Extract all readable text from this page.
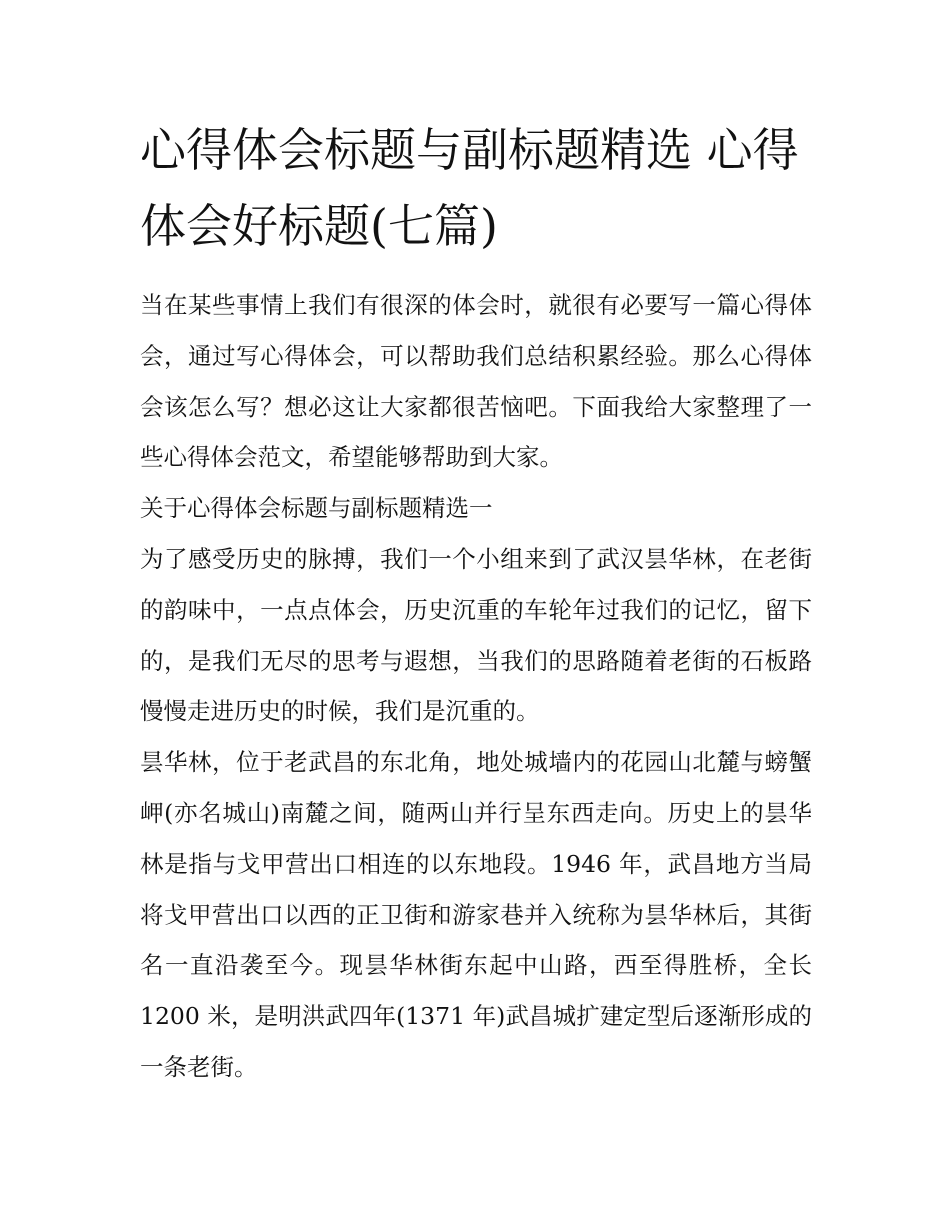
心得体会标题与副标题精选 心得体会好标题(七篇)

当在某些事情上我们有很深的体会时，就很有必要写一篇心得体会，通过写心得体会，可以帮助我们总结积累经验。那么心得体会该怎么写？想必这让大家都很苦恼吧。下面我给大家整理了一些心得体会范文，希望能够帮助到大家。

关于心得体会标题与副标题精选一

为了感受历史的脉搏，我们一个小组来到了武汉昙华林，在老街的韵味中，一点点体会，历史沉重的车轮年过我们的记忆，留下的，是我们无尽的思考与遐想，当我们的思路随着老街的石板路慢慢走进历史的时候，我们是沉重的。

昙华林，位于老武昌的东北角，地处城墙内的花园山北麓与螃蟹岬(亦名城山)南麓之间，随两山并行呈东西走向。历史上的昙华林是指与戈甲营出口相连的以东地段。1946 年，武昌地方当局将戈甲营出口以西的正卫街和游家巷并入统称为昙华林后，其街名一直沿袭至今。现昙华林街东起中山路，西至得胜桥，全长 1200 米，是明洪武四年(1371 年)武昌城扩建定型后逐渐形成的一条老街。
